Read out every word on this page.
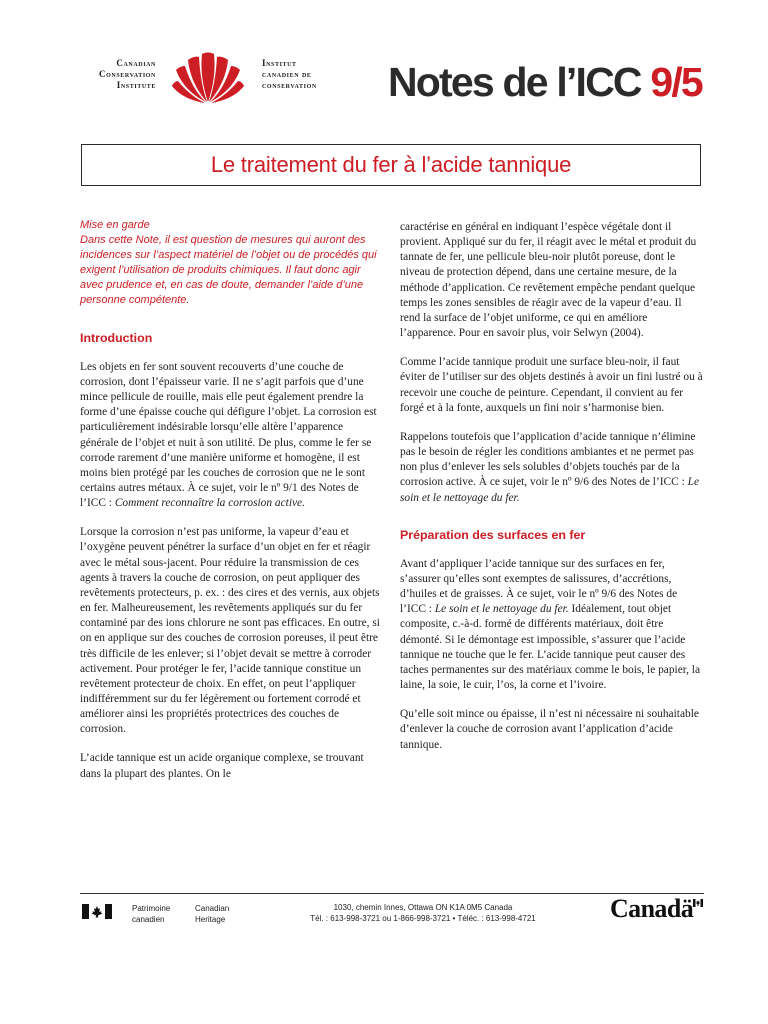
Canadian
Conservation
Institute
Institut
canadien de
conservation Notes de l’ICC 9/5
Le traitement du fer à l’acide tannique
Mise en garde
Dans cette Note, il est question de mesures qui auront des incidences sur l’aspect matériel de l’objet ou de procédés qui exigent l’utilisation de produits chimiques. Il faut donc agir avec prudence et, en cas de doute, demander l’aide d’une personne compétente.
Introduction

Les objets en fer sont souvent recouverts d’une couche de corrosion, dont l’épaisseur varie. Il ne s’agit parfois que d’une mince pellicule de rouille, mais elle peut également prendre la forme d’une épaisse couche qui défigure l’objet. La corrosion est particulièrement indésirable lorsqu’elle altère l’apparence générale de l’objet et nuit à son utilité. De plus, comme le fer se corrode rarement d’une manière uniforme et homogène, il est moins bien protégé par les couches de corrosion que ne le sont certains autres métaux. À ce sujet, voir le nº 9/1 des Notes de l’ICC : Comment reconnaître la corrosion active.

Lorsque la corrosion n’est pas uniforme, la vapeur d’eau et l’oxygène peuvent pénétrer la surface d’un objet en fer et réagir avec le métal sous-jacent. Pour réduire la transmission de ces agents à travers la couche de corrosion, on peut appliquer des revêtements protecteurs, p. ex. : des cires et des vernis, aux objets en fer. Malheureusement, les revêtements appliqués sur du fer contaminé par des ions chlorure ne sont pas efficaces. En outre, si on en applique sur des couches de corrosion poreuses, il peut être très difficile de les enlever; si l’objet devait se mettre à corroder activement. Pour protéger le fer, l’acide tannique constitue un revêtement protecteur de choix. En effet, on peut l’appliquer indifféremment sur du fer légèrement ou fortement corrodé et améliorer ainsi les propriétés protectrices des couches de corrosion.

L’acide tannique est un acide organique complexe, se trouvant dans la plupart des plantes. On le

caractérise en général en indiquant l’espèce végétale dont il provient. Appliqué sur du fer, il réagit avec le métal et produit du tannate de fer, une pellicule bleu-noir plutôt poreuse, dont le niveau de protection dépend, dans une certaine mesure, de la méthode d’application. Ce revêtement empêche pendant quelque temps les zones sensibles de réagir avec de la vapeur d’eau. Il rend la surface de l’objet uniforme, ce qui en améliore l’apparence. Pour en savoir plus, voir Selwyn (2004).

Comme l’acide tannique produit une surface bleu-noir, il faut éviter de l’utiliser sur des objets destinés à avoir un fini lustré ou à recevoir une couche de peinture. Cependant, il convient au fer forgé et à la fonte, auxquels un fini noir s’harmonise bien.

Rappelons toutefois que l’application d’acide tannique n’élimine pas le besoin de régler les conditions ambiantes et ne permet pas non plus d’enlever les sels solubles d’objets touchés par de la corrosion active. À ce sujet, voir le nº 9/6 des Notes de l’ICC : Le soin et le nettoyage du fer.

Préparation des surfaces en fer

Avant d’appliquer l’acide tannique sur des surfaces en fer, s’assurer qu’elles sont exemptes de salissures, d’accrétions, d’huiles et de graisses. À ce sujet, voir le nº 9/6 des Notes de l’ICC : Le soin et le nettoyage du fer. Idéalement, tout objet composite, c.-à-d. formé de différents matériaux, doit être démonté. Si le démontage est impossible, s’assurer que l’acide tannique ne touche que le fer. L’acide tannique peut causer des taches permanentes sur des matériaux comme le bois, le papier, la laine, la soie, le cuir, l’os, la corne et l’ivoire.

Qu’elle soit mince ou épaisse, il n’est ni nécessaire ni souhaitable d’enlever la couche de corrosion avant l’application d’acide tannique.

Patrimoine
canadien
Canadian
Heritage
1030, chemin Innes, Ottawa ON K1A 0M5 Canada
Tél. : 613-998-3721 ou 1-866-998-3721 • Téléc. : 613-998-4721	Canadä
